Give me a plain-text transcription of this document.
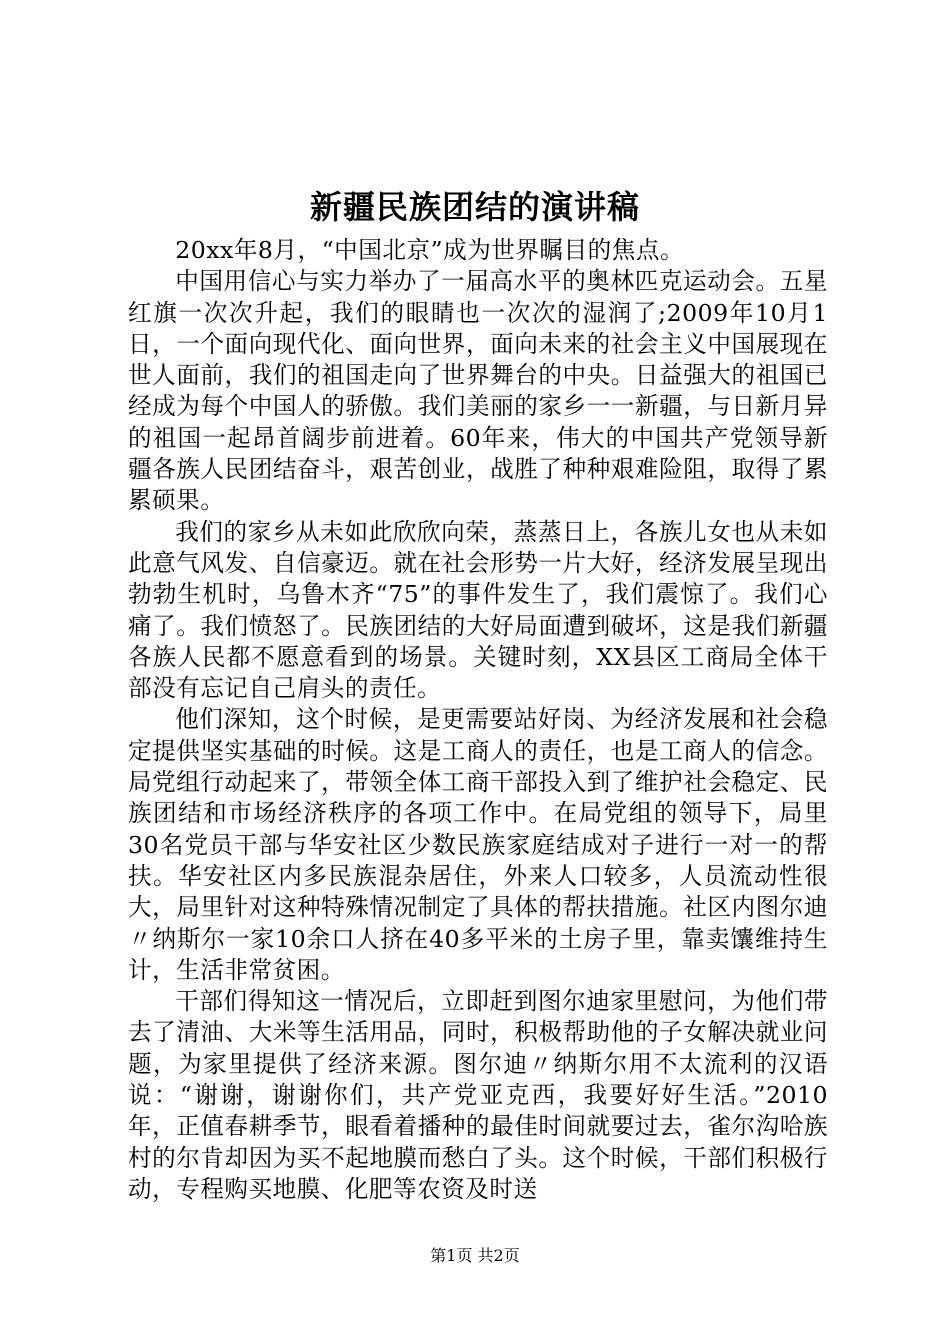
新疆民族团结的演讲稿

20xx年8月，“中国北京”成为世界瞩目的焦点。

中国用信心与实力举办了一届高水平的奥林匹克运动会。五星红旗一次次升起，我们的眼睛也一次次的湿润了;2009年10月1日，一个面向现代化、面向世界，面向未来的社会主义中国展现在世人面前，我们的祖国走向了世界舞台的中央。日益强大的祖国已经成为每个中国人的骄傲。我们美丽的家乡一一新疆，与日新月异的祖国一起昂首阔步前进着。60年来，伟大的中国共产党领导新疆各族人民团结奋斗，艰苦创业，战胜了种种艰难险阻，取得了累累硕果。

我们的家乡从未如此欣欣向荣，蒸蒸日上，各族儿女也从未如此意气风发、自信豪迈。就在社会形势一片大好，经济发展呈现出勃勃生机时，乌鲁木齐“75”的事件发生了，我们震惊了。我们心痛了。我们愤怒了。民族团结的大好局面遭到破坏，这是我们新疆各族人民都不愿意看到的场景。关键时刻，XX县区工商局全体干部没有忘记自己肩头的责任。

他们深知，这个时候，是更需要站好岗、为经济发展和社会稳定提供坚实基础的时候。这是工商人的责任，也是工商人的信念。局党组行动起来了，带领全体工商干部投入到了维护社会稳定、民族团结和市场经济秩序的各项工作中。在局党组的领导下，局里30名党员干部与华安社区少数民族家庭结成对子进行一对一的帮扶。华安社区内多民族混杂居住，外来人口较多，人员流动性很大，局里针对这种特殊情况制定了具体的帮扶措施。社区内图尔迪〃纳斯尔一家10余口人挤在40多平米的土房子里，靠卖馕维持生计，生活非常贫困。

干部们得知这一情况后，立即赶到图尔迪家里慰问，为他们带去了清油、大米等生活用品，同时，积极帮助他的子女解决就业问题，为家里提供了经济来源。图尔迪〃纳斯尔用不太流利的汉语说：“谢谢，谢谢你们，共产党亚克西，我要好好生活。”2010年，正值春耕季节，眼看着播种的最佳时间就要过去，雀尔沟哈族村的尔肯却因为买不起地膜而愁白了头。这个时候，干部们积极行动，专程购买地膜、化肥等农资及时送

第1页 共2页
